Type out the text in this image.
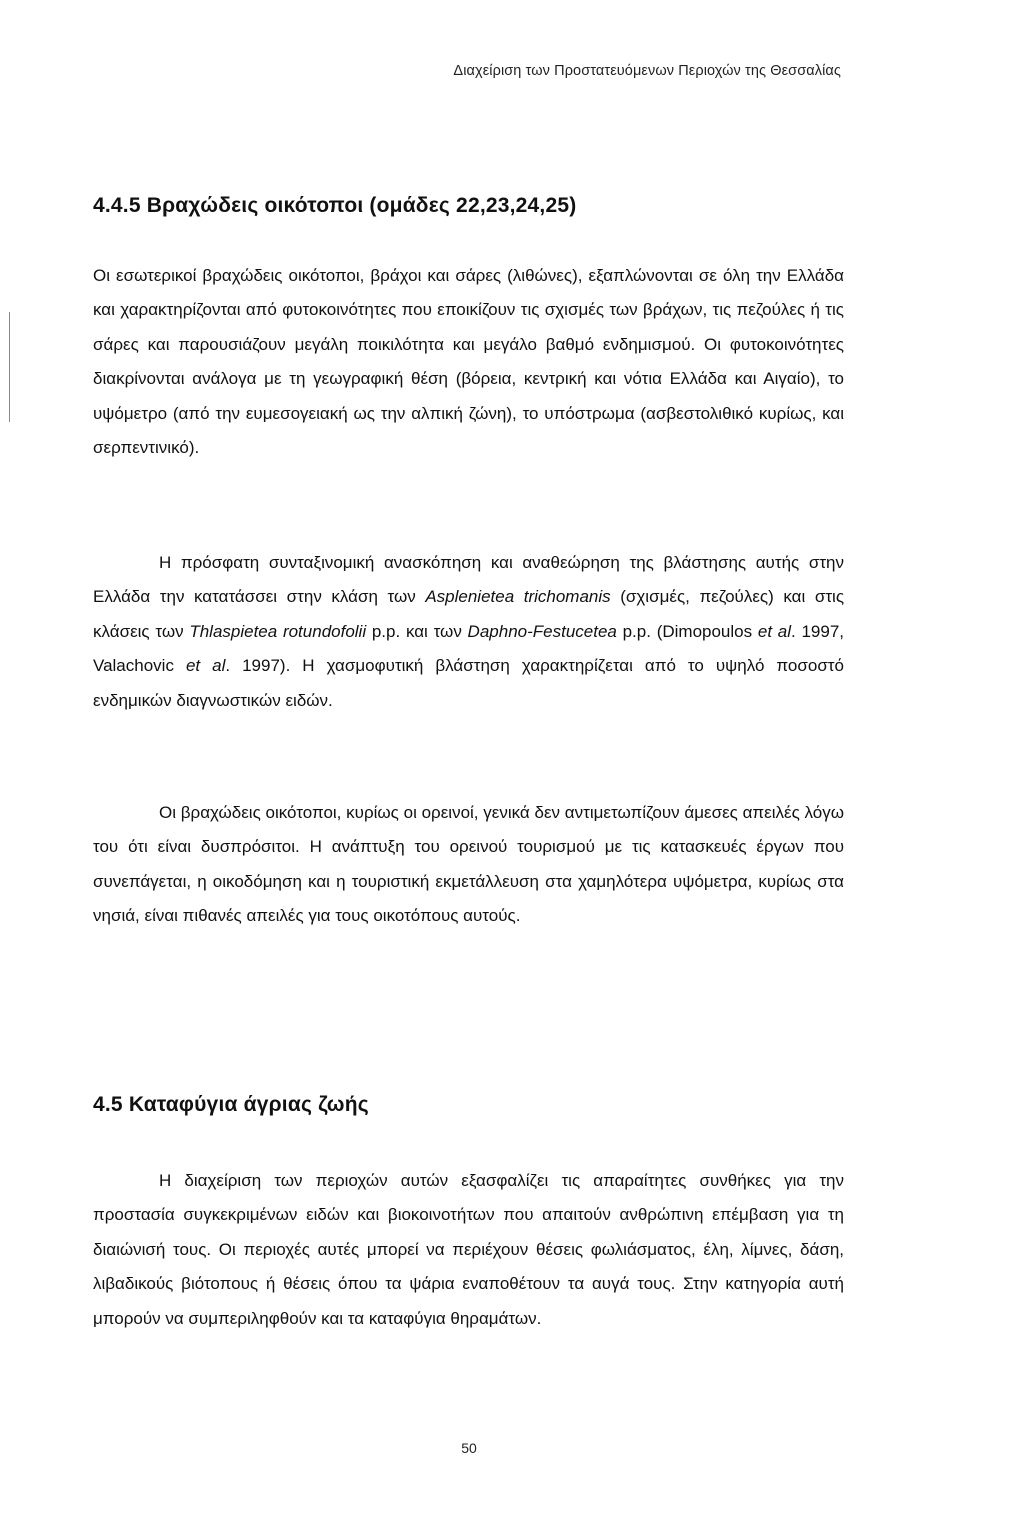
Διαχείριση των Προστατευόμενων Περιοχών της Θεσσαλίας
4.4.5 Βραχώδεις οικότοποι (ομάδες 22,23,24,25)
Οι εσωτερικοί βραχώδεις οικότοποι, βράχοι και σάρες (λιθώνες), εξαπλώνονται σε όλη την Ελλάδα και χαρακτηρίζονται από φυτοκοινότητες που εποικίζουν τις σχισμές των βράχων, τις πεζούλες ή τις σάρες και παρουσιάζουν μεγάλη ποικιλότητα και μεγάλο βαθμό ενδημισμού. Οι φυτοκοινότητες διακρίνονται ανάλογα με τη γεωγραφική θέση (βόρεια, κεντρική και νότια Ελλάδα και Αιγαίο), το υψόμετρο (από την ευμεσογειακή ως την αλπική ζώνη), το υπόστρωμα (ασβεστολιθικό κυρίως, και σερπεντινικό).
Η πρόσφατη συνταξινομική ανασκόπηση και αναθεώρηση της βλάστησης αυτής στην Ελλάδα την κατατάσσει στην κλάση των Asplenietea trichomanis (σχισμές, πεζούλες) και στις κλάσεις των Thlaspietea rotundofolii p.p. και των Daphno-Festucetea p.p. (Dimopoulos et al. 1997, Valachovic et al. 1997). Η χασμοφυτική βλάστηση χαρακτηρίζεται από το υψηλό ποσοστό ενδημικών διαγνωστικών ειδών.
Οι βραχώδεις οικότοποι, κυρίως οι ορεινοί, γενικά δεν αντιμετωπίζουν άμεσες απειλές λόγω του ότι είναι δυσπρόσιτοι. Η ανάπτυξη του ορεινού τουρισμού με τις κατασκευές έργων που συνεπάγεται, η οικοδόμηση και η τουριστική εκμετάλλευση στα χαμηλότερα υψόμετρα, κυρίως στα νησιά, είναι πιθανές απειλές για τους οικοτόπους αυτούς.
4.5 Καταφύγια άγριας ζωής
Η διαχείριση των περιοχών αυτών εξασφαλίζει τις απαραίτητες συνθήκες για την προστασία συγκεκριμένων ειδών και βιοκοινοτήτων που απαιτούν ανθρώπινη επέμβαση για τη διαιώνισή τους. Οι περιοχές αυτές μπορεί να περιέχουν θέσεις φωλιάσματος, έλη, λίμνες, δάση, λιβαδικούς βιότοπους ή θέσεις όπου τα ψάρια εναποθέτουν τα αυγά τους. Στην κατηγορία αυτή μπορούν να συμπεριληφθούν και τα καταφύγια θηραμάτων.
50
